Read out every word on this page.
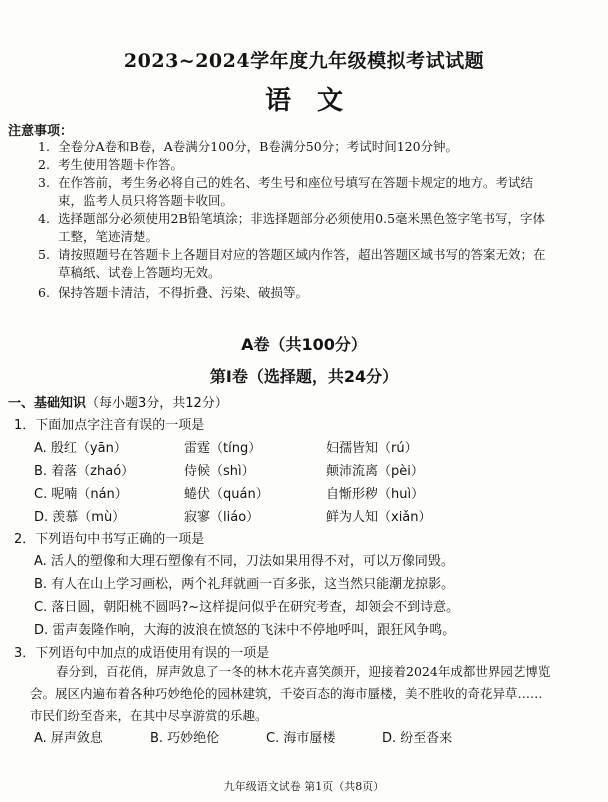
2023~2024学年度九年级模拟考试试题
语文
注意事项：
1. 全卷分A卷和B卷，A卷满分100分，B卷满分50分；考试时间120分钟。
2. 考生使用答题卡作答。
3. 在作答前，考生务必将自己的姓名、考生号和座位号填写在答题卡规定的地方。考试结
束，监考人员只将答题卡收回。
4. 选择题部分必须使用2B铅笔填涂；非选择题部分必须使用0.5毫米黑色签字笔书写，字体
工整，笔迹清楚。
5. 请按照题号在答题卡上各题目对应的答题区域内作答，超出答题区域书写的答案无效；在
草稿纸、试卷上答题均无效。
6. 保持答题卡清洁，不得折叠、污染、破损等。
A卷（共100分）
第Ⅰ卷（选择题，共24分）
一、基础知识（每小题3分，共12分）
1．下面加点字注音有误的一项是
A. 殷红（yān）	雷霆（tíng）	妇孺皆知（rú）
B. 着落（zhaó）	侍候（shì）	颠沛流离（pèi）
C. 呢喃（nán）	蜷伏（quán）	自惭形秽（huì）
D. 羡慕（mù）	寂寥（liáo）	鲜为人知（xiǎn）
2．下列语句中书写正确的一项是
A. 活人的塑像和大理石塑像有不同，刀法如果用得不对，可以万像同毁。
B. 有人在山上学习画松，两个礼拜就画一百多张，这当然只能潮龙掠影。
C. 落日圆，朝阳桃不圆吗?~这样提问似乎在研究考查，却领会不到诗意。
D. 雷声轰隆作响，大海的波浪在愤怒的飞沫中不停地呼叫，跟狂风争鸣。
3．下列语句中加点的成语使用有误的一项是
春分到，百花俏，屏声敛息了一冬的林木花卉喜笑颜开，迎接着2024年成都世界园艺博览
会。展区内遍布着各种巧妙绝伦的园林建筑，千姿百态的海市蜃楼，美不胜收的奇花异草……
市民们纷至沓来，在其中尽享游赏的乐趣。
A. 屏声敛息	B. 巧妙绝伦	C. 海市蜃楼	D. 纷至沓来
九年级语文试卷 第1页（共8页）
